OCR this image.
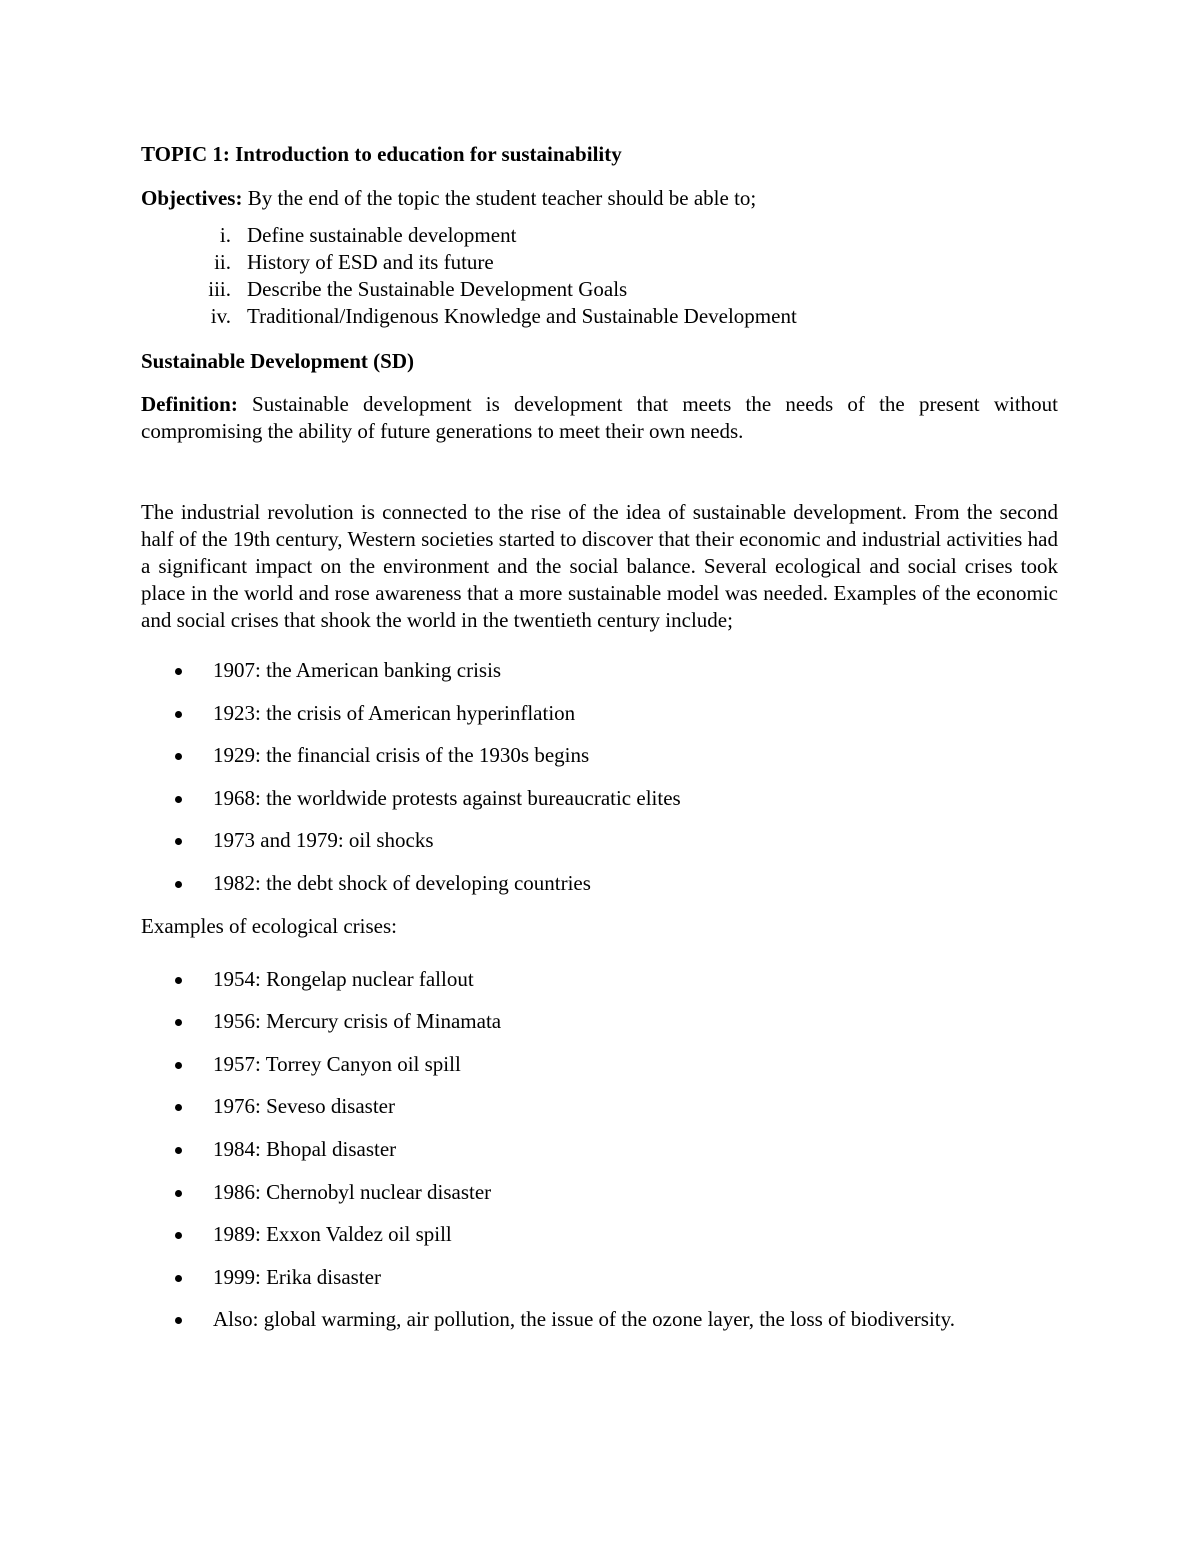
TOPIC 1: Introduction to education for sustainability

Objectives: By the end of the topic the student teacher should be able to;

i. Define sustainable development
ii. History of ESD and its future
iii. Describe the Sustainable Development Goals
iv. Traditional/Indigenous Knowledge and Sustainable Development
Sustainable Development (SD)

Definition: Sustainable development is development that meets the needs of the present without compromising the ability of future generations to meet their own needs.

The industrial revolution is connected to the rise of the idea of sustainable development. From the second half of the 19th century, Western societies started to discover that their economic and industrial activities had a significant impact on the environment and the social balance. Several ecological and social crises took place in the world and rose awareness that a more sustainable model was needed. Examples of the economic and social crises that shook the world in the twentieth century include;

1907: the American banking crisis
1923: the crisis of American hyperinflation
1929: the financial crisis of the 1930s begins
1968: the worldwide protests against bureaucratic elites
1973 and 1979: oil shocks
1982: the debt shock of developing countries

Examples of ecological crises:

1954: Rongelap nuclear fallout
1956: Mercury crisis of Minamata
1957: Torrey Canyon oil spill
1976: Seveso disaster
1984: Bhopal disaster
1986: Chernobyl nuclear disaster
1989: Exxon Valdez oil spill
1999: Erika disaster
Also: global warming, air pollution, the issue of the ozone layer, the loss of biodiversity.
